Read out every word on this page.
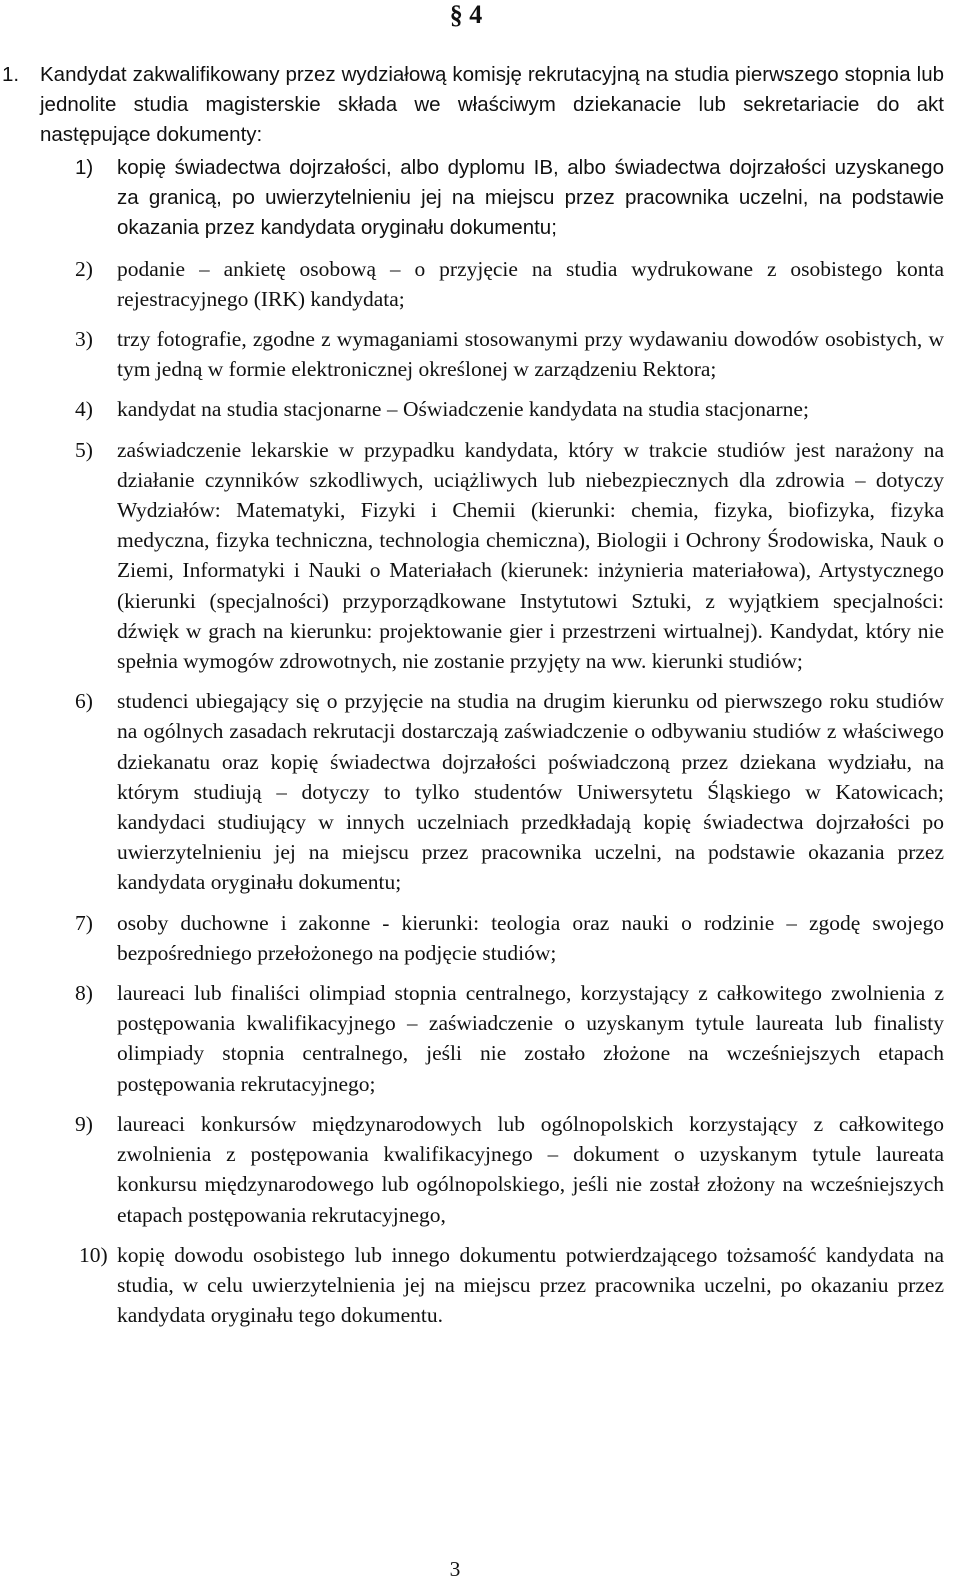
§ 4
1. Kandydat zakwalifikowany przez wydziałową komisję rekrutacyjną na studia pierwszego stopnia lub jednolite studia magisterskie składa we właściwym dziekanacie lub sekretariacie do akt następujące dokumenty:
1) kopię świadectwa dojrzałości, albo dyplomu IB, albo świadectwa dojrzałości uzyskanego za granicą, po uwierzytelnieniu jej na miejscu przez pracownika uczelni, na podstawie okazania przez kandydata oryginału dokumentu;
2) podanie ⎯ ankietę osobową ⎯ o przyjęcie na studia wydrukowane z osobistego konta rejestracyjnego (IRK) kandydata;
3) trzy fotografie, zgodne z wymaganiami stosowanymi przy wydawaniu dowodów osobistych, w tym jedną w formie elektronicznej określonej w zarządzeniu Rektora;
4) kandydat na studia stacjonarne ⎯ Oświadczenie kandydata na studia stacjonarne;
5) zaświadczenie lekarskie w przypadku kandydata, który w trakcie studiów jest narażony na działanie czynników szkodliwych, uciążliwych lub niebezpiecznych dla zdrowia ⎯ dotyczy Wydziałów: Matematyki, Fizyki i Chemii (kierunki: chemia, fizyka, biofizyka, fizyka medyczna, fizyka techniczna, technologia chemiczna), Biologii i Ochrony Środowiska, Nauk o Ziemi, Informatyki i Nauki o Materiałach (kierunek: inżynieria materiałowa), Artystycznego (kierunki (specjalności) przyporządkowane Instytutowi Sztuki, z wyjątkiem specjalności: dźwięk w grach na kierunku: projektowanie gier i przestrzeni wirtualnej). Kandydat, który nie spełnia wymogów zdrowotnych, nie zostanie przyjęty na ww. kierunki studiów;
6) studenci ubiegający się o przyjęcie na studia na drugim kierunku od pierwszego roku studiów na ogólnych zasadach rekrutacji dostarczają zaświadczenie o odbywaniu studiów z właściwego dziekanatu oraz kopię świadectwa dojrzałości poświadczoną przez dziekana wydziału, na którym studiują ⎯ dotyczy to tylko studentów Uniwersytetu Śląskiego w Katowicach; kandydaci studiujący w innych uczelniach przedkładają kopię świadectwa dojrzałości po uwierzytelnieniu jej na miejscu przez pracownika uczelni, na podstawie okazania przez kandydata oryginału dokumentu;
7) osoby duchowne i zakonne - kierunki: teologia oraz nauki o rodzinie ⎯ zgodę swojego bezpośredniego przełożonego na podjęcie studiów;
8) laureaci lub finaliści olimpiad stopnia centralnego, korzystający z całkowitego zwolnienia z postępowania kwalifikacyjnego ⎯ zaświadczenie o uzyskanym tytule laureata lub finalisty olimpiady stopnia centralnego, jeśli nie zostało złożone na wcześniejszych etapach postępowania rekrutacyjnego;
9) laureaci konkursów międzynarodowych lub ogólnopolskich korzystający z całkowitego zwolnienia z postępowania kwalifikacyjnego ⎯ dokument o uzyskanym tytule laureata konkursu międzynarodowego lub ogólnopolskiego, jeśli nie został złożony na wcześniejszych etapach postępowania rekrutacyjnego,
10) kopię dowodu osobistego lub innego dokumentu potwierdzającego tożsamość kandydata na studia, w celu uwierzytelnienia jej na miejscu przez pracownika uczelni, po okazaniu przez kandydata oryginału tego dokumentu.
3
